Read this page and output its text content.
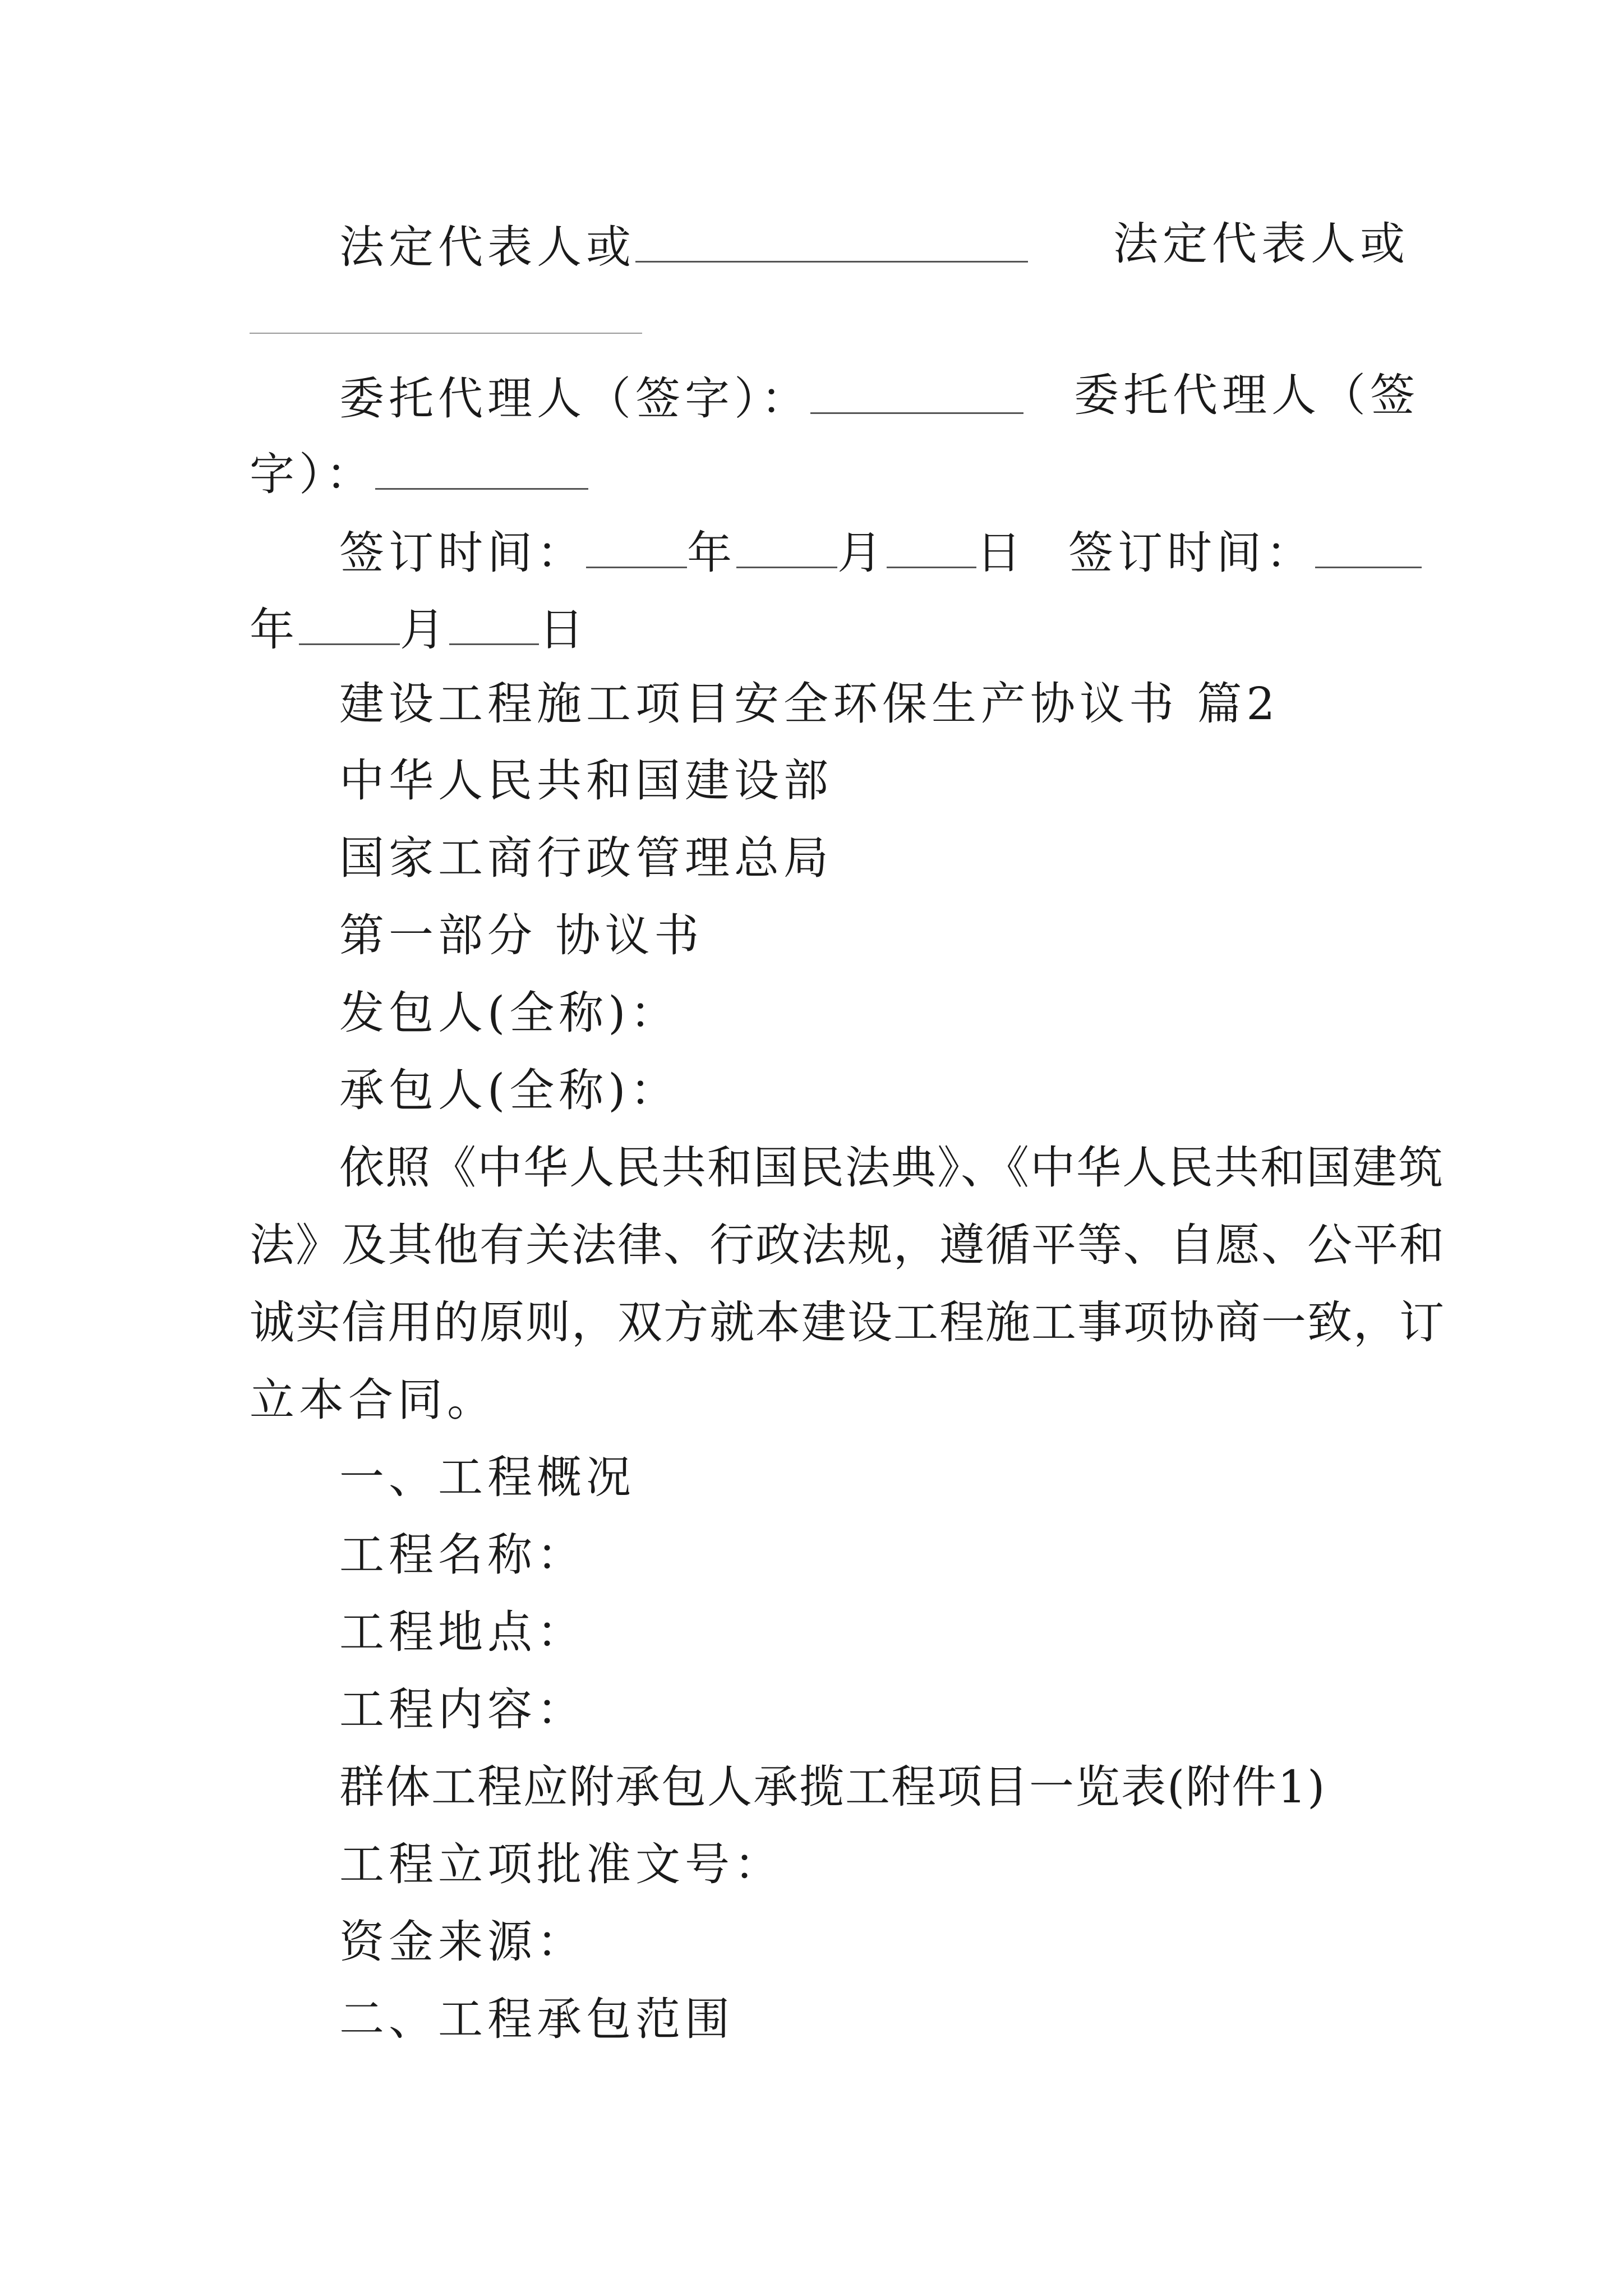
法定代表人或	法定代表人或
委托代理人（签字）：	委托代理人（签
字）：
签订时间： 年 月 日 签订时间：
年 月 日
建设工程施工项目安全环保生产协议书 篇2
中华人民共和国建设部
国家工商行政管理总局
第一部分 协议书
发包人(全称)：
承包人(全称)：
依照《中华人民共和国民法典》、《中华人民共和国建筑
法》及其他有关法律、行政法规，遵循平等、自愿、公平和
诚实信用的原则，双方就本建设工程施工事项协商一致，订
立本合同。
一、工程概况
工程名称：
工程地点：
工程内容：
群体工程应附承包人承揽工程项目一览表(附件1)
工程立项批准文号：
资金来源：
二、工程承包范围
